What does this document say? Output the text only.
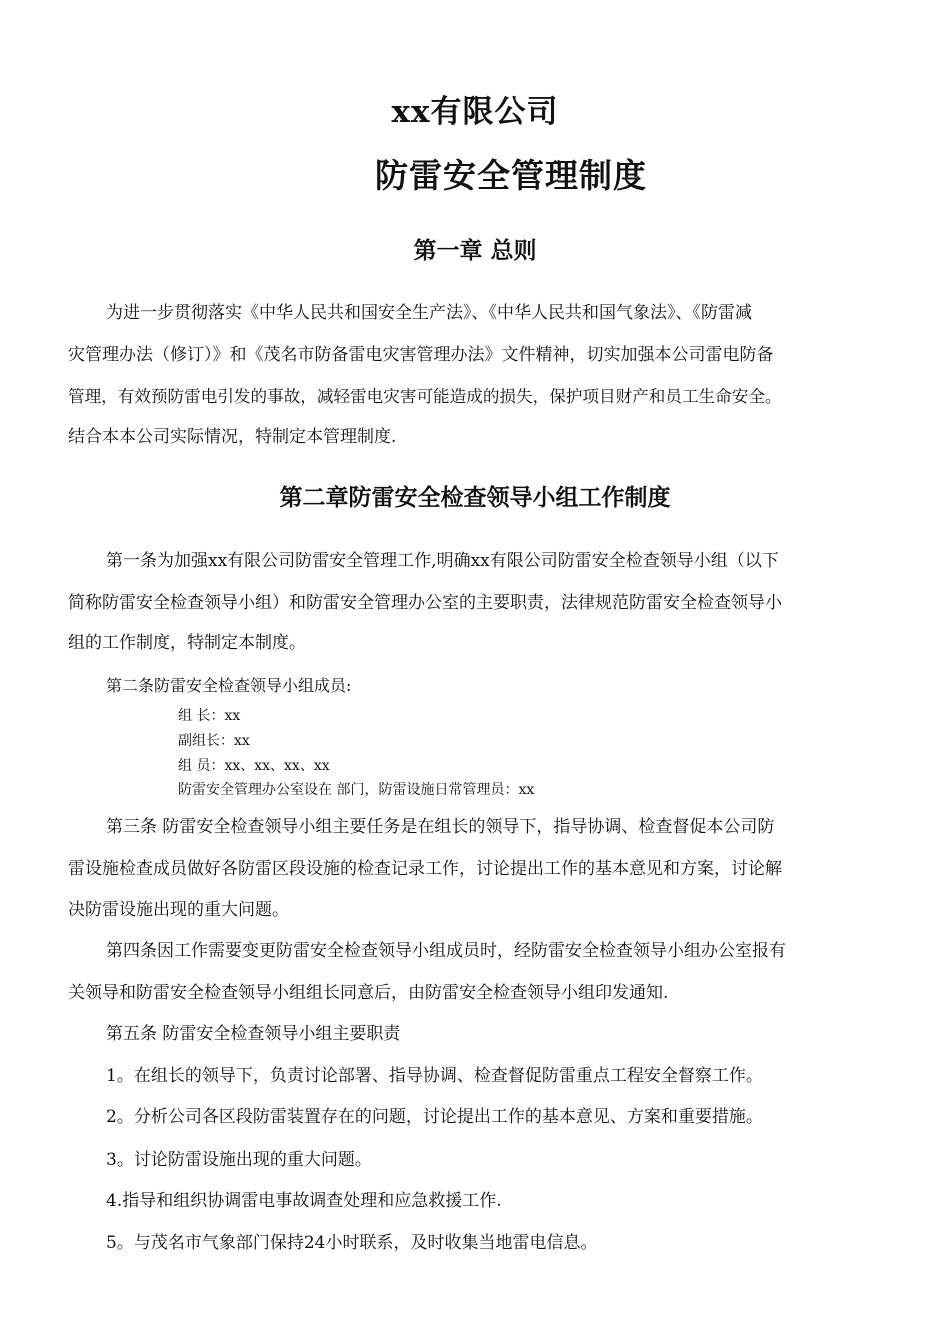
xx有限公司
防雷安全管理制度
第一章 总则
为进一步贯彻落实《中华人民共和国安全生产法》、《中华人民共和国气象法》、《防雷减
灾管理办法（修订）》和《茂名市防备雷电灾害管理办法》文件精神，切实加强本公司雷电防备
管理，有效预防雷电引发的事故，减轻雷电灾害可能造成的损失，保护项目财产和员工生命安全。
结合本本公司实际情况，特制定本管理制度.
第二章防雷安全检查领导小组工作制度
第一条为加强xx有限公司防雷安全管理工作,明确xx有限公司防雷安全检查领导小组（以下
简称防雷安全检查领导小组）和防雷安全管理办公室的主要职责，法律规范防雷安全检查领导小
组的工作制度，特制定本制度。
第二条防雷安全检查领导小组成员:
组 长：xx
副组长：xx
组 员：xx、xx、xx、xx
防雷安全管理办公室设在 部门，防雷设施日常管理员：xx
第三条 防雷安全检查领导小组主要任务是在组长的领导下，指导协调、检查督促本公司防
雷设施检查成员做好各防雷区段设施的检查记录工作，讨论提出工作的基本意见和方案，讨论解
决防雷设施出现的重大问题。
第四条因工作需要变更防雷安全检查领导小组成员时，经防雷安全检查领导小组办公室报有
关领导和防雷安全检查领导小组组长同意后，由防雷安全检查领导小组印发通知.
第五条 防雷安全检查领导小组主要职责
1。在组长的领导下，负责讨论部署、指导协调、检查督促防雷重点工程安全督察工作。
2。分析公司各区段防雷装置存在的问题，讨论提出工作的基本意见、方案和重要措施。
3。讨论防雷设施出现的重大问题。
4.指导和组织协调雷电事故调查处理和应急救援工作.
5。与茂名市气象部门保持24小时联系，及时收集当地雷电信息。
